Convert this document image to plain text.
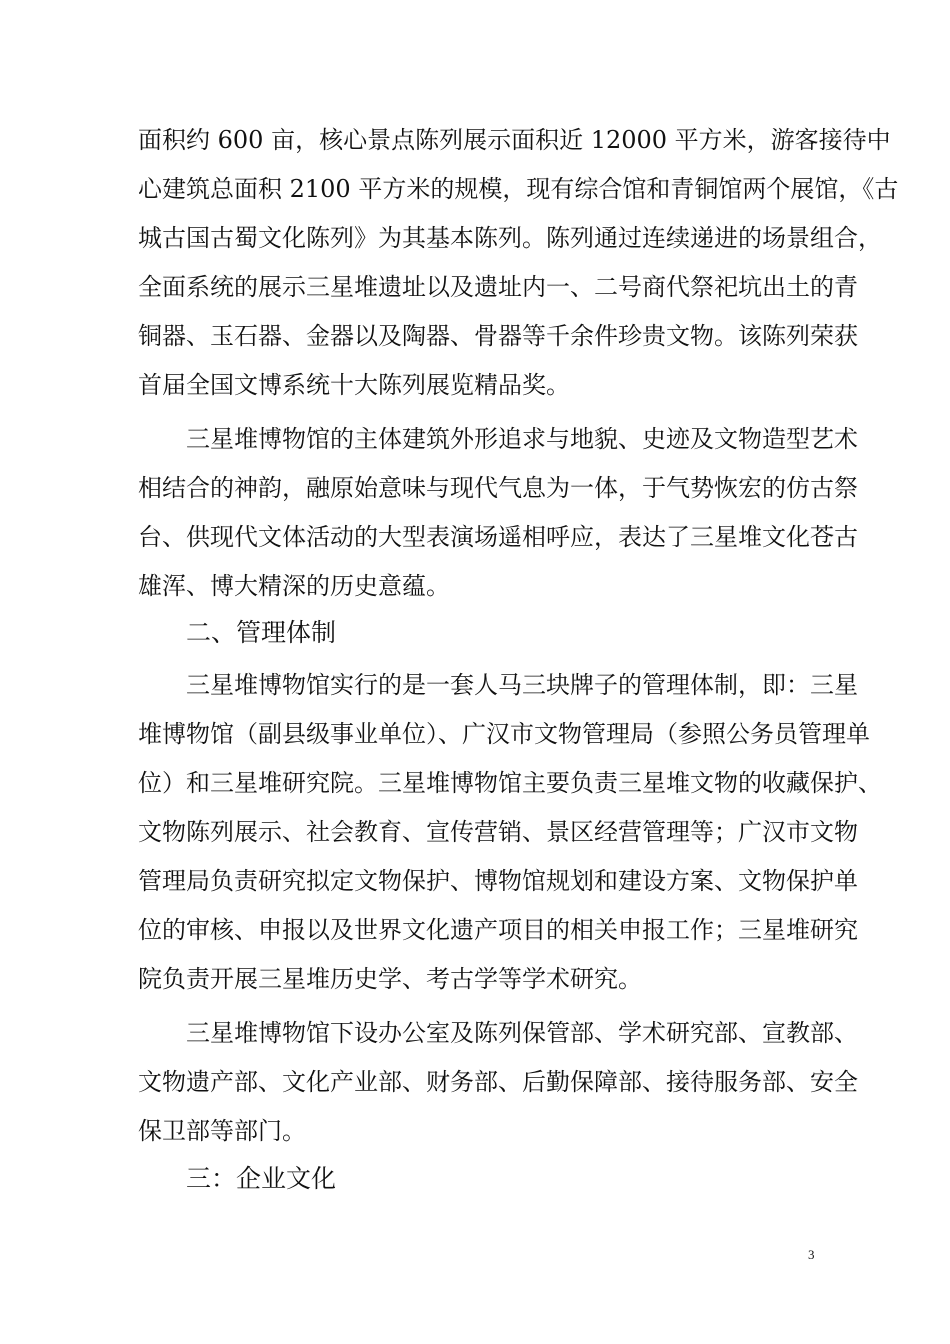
面积约 600 亩，核心景点陈列展示面积近 12000 平方米，游客接待中
心建筑总面积 2100 平方米的规模，现有综合馆和青铜馆两个展馆，《古
城古国古蜀文化陈列》为其基本陈列。陈列通过连续递进的场景组合，
全面系统的展示三星堆遗址以及遗址内一、二号商代祭祀坑出土的青
铜器、玉石器、金器以及陶器、骨器等千余件珍贵文物。该陈列荣获
首届全国文博系统十大陈列展览精品奖。
三星堆博物馆的主体建筑外形追求与地貌、史迹及文物造型艺术
相结合的神韵，融原始意味与现代气息为一体，于气势恢宏的仿古祭
台、供现代文体活动的大型表演场遥相呼应，表达了三星堆文化苍古
雄浑、博大精深的历史意蕴。
二、管理体制
三星堆博物馆实行的是一套人马三块牌子的管理体制，即：三星
堆博物馆（副县级事业单位）、广汉市文物管理局（参照公务员管理单
位）和三星堆研究院。三星堆博物馆主要负责三星堆文物的收藏保护、
文物陈列展示、社会教育、宣传营销、景区经营管理等；广汉市文物
管理局负责研究拟定文物保护、博物馆规划和建设方案、文物保护单
位的审核、申报以及世界文化遗产项目的相关申报工作；三星堆研究
院负责开展三星堆历史学、考古学等学术研究。
三星堆博物馆下设办公室及陈列保管部、学术研究部、宣教部、
文物遗产部、文化产业部、财务部、后勤保障部、接待服务部、安全
保卫部等部门。
三：企业文化
3
